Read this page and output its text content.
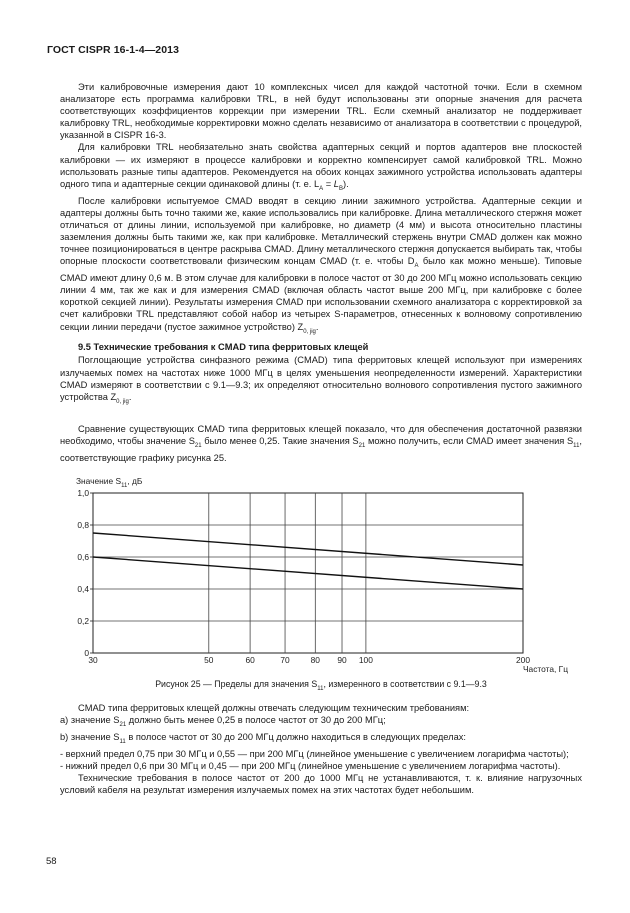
ГОСТ CISPR 16-1-4—2013

Эти калибровочные измерения дают 10 комплексных чисел для каждой частотной точки. Если в схемном анализаторе есть программа калибровки TRL, в ней будут использованы эти опорные значения для расчета соответствующих коэффициентов коррекции при измерении TRL. Если схемный анализатор не поддерживает калибровку TRL, необходимые корректировки можно сделать независимо от анализатора в соответствии с процедурой, указанной в CISPR 16-3.

Для калибровки TRL необязательно знать свойства адаптерных секций и портов адаптеров вне плоскостей калибровки — их измеряют в процессе калибровки и корректно компенсирует самой калибровкой TRL. Можно использовать разные типы адаптеров. Рекомендуется на обоих концах зажимного устройства использовать адаптеры одного типа и адаптерные секции одинаковой длины (т. е. $L_A = L_B$).

После калибровки испытуемое CMAD вводят в секцию линии зажимного устройства. Адаптерные секции и адаптеры должны быть точно такими же, какие использовались при калибровке. Длина металлического стержня может отличаться от длины линии, используемой при калибровке, но диаметр (4 мм) и высота относительно пластины заземления должны быть такими же, как при калибровке. Металлический стержень внутри CMAD должен как можно точнее позиционироваться в центре раскрыва CMAD. Длину металлического стержня допускается выбирать так, чтобы опорные плоскости соответствовали физическим концам CMAD (т. е. чтобы $D_A$ было как можно меньше). Типовые CMAD имеют длину 0,6 м. В этом случае для калибровки в полосе частот от 30 до 200 МГц можно использовать секцию линии 4 мм, так же как и для измерения CMAD (включая область частот выше 200 МГц, при калибровке с более короткой секцией линии). Результаты измерения CMAD при использовании схемного анализатора с корректировкой за счет калибровки TRL представляют собой набор из четырех S-параметров, отнесенных к волновому сопротивлению секции линии передачи (пустое зажимное устройство) $Z_{0, jig}$.

9.5 Технические требования к CMAD типа ферритовых клещей

Поглощающие устройства синфазного режима (CMAD) типа ферритовых клещей используют при измерениях излучаемых помех на частотах ниже 1000 МГц в целях уменьшения неопределенности измерений. Характеристики CMAD измеряют в соответствии с 9.1—9.3; их определяют относительно волнового сопротивления пустого зажимного устройства $Z_{0, jig}$.

Сравнение существующих CMAD типа ферритовых клещей показало, что для обеспечения достаточной развязки необходимо, чтобы значение $S_{21}$ было менее 0,25. Такие значения $S_{21}$ можно получить, если CMAD имеет значения $S_{11}$, соответствующие графику рисунка 25.

Значение $S_{11}$, дБ
0
0,2
0,4
0,6
0,8
1,0
30	50	60	70 80 90 100	200
Частота, Гц
Рисунок 25 — Пределы для значения $S_{11}$, измеренного в соответствии с 9.1—9.3

CMAD типа ферритовых клещей должны отвечать следующим техническим требованиям:

а) значение $S_{21}$ должно быть менее 0,25 в полосе частот от 30 до 200 МГц;

b) значение $S_{11}$ в полосе частот от 30 до 200 МГц должно находиться в следующих пределах:

- верхний предел 0,75 при 30 МГц и 0,55 — при 200 МГц (линейное уменьшение с увеличением логарифма частоты);

- нижний предел 0,6 при 30 МГц и 0,45 — при 200 МГц (линейное уменьшение с увеличением логарифма частоты).

Технические требования в полосе частот от 200 до 1000 МГц не устанавливаются, т. к. влияние нагрузочных условий кабеля на результат измерения излучаемых помех на этих частотах будет небольшим.

58
